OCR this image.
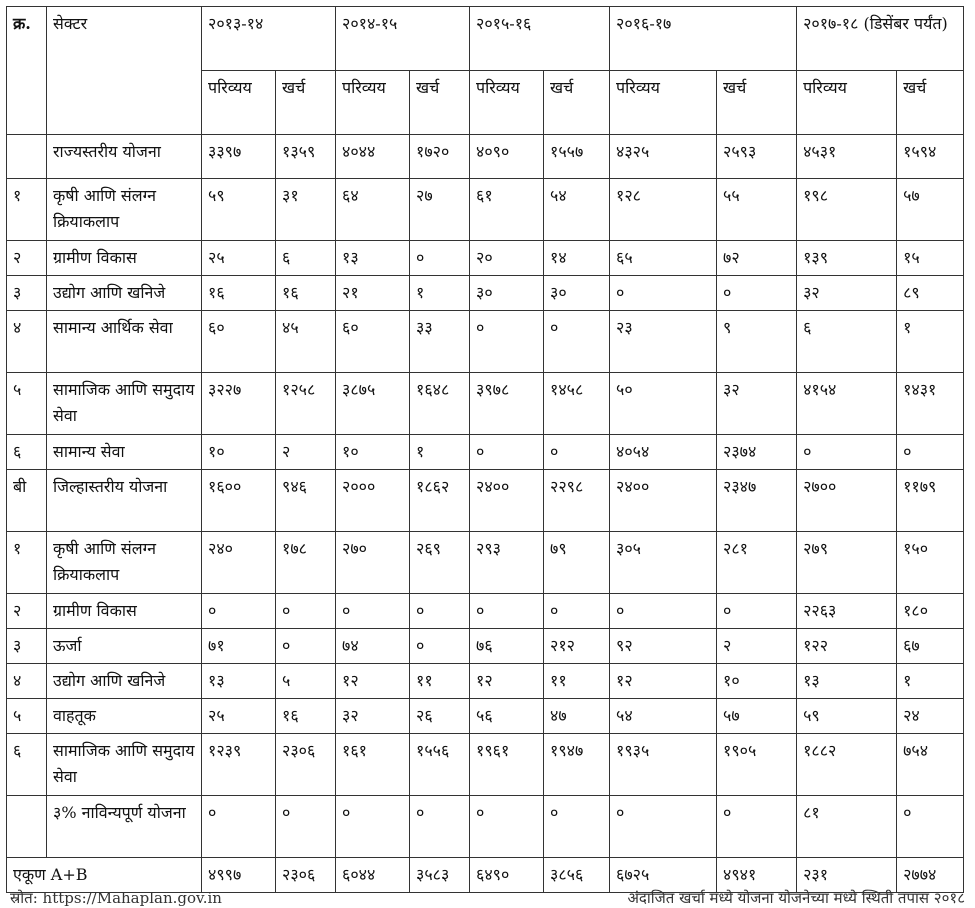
क्र.	सेक्टर	२०१३-१४		२०१४-१५		२०१५-१६		२०१६-१७		२०१७-१८ (डिसेंबर पर्यंत)	
		परिव्यय	खर्च	परिव्यय	खर्च	परिव्यय	खर्च	परिव्यय	खर्च	परिव्यय	खर्च
	राज्यस्तरीय योजना	३३९७	१३५९	४०४४	१७२०	४०९०	१५५७	४३२५	२५९३	४५३१	१५९४
१	कृषी आणि संलग्न क्रियाकलाप	५९	३१	६४	२७	६१	५४	१२८	५५	१९८	५७
२	ग्रामीण विकास	२५	६	१३	०	२०	१४	६५	७२	१३९	१५
३	उद्योग आणि खनिजे	१६	१६	२१	१	३०	३०	०	०	३२	८९
४	सामान्य आर्थिक सेवा	६०	४५	६०	३३	०	०	२३	९	६	१
५	सामाजिक आणि समुदाय सेवा	३२२७	१२५८	३८७५	१६४८	३९७८	१४५८	५०	३२	४१५४	१४३१
६	सामान्य सेवा	१०	२	१०	१	०	०	४०५४	२३७४	०	०
बी	जिल्हास्तरीय योजना	१६००	९४६	२०००	१८६२	२४००	२२९८	२४००	२३४७	२७००	११७९
१	कृषी आणि संलग्न क्रियाकलाप	२४०	१७८	२७०	२६९	२९३	७९	३०५	२८१	२७९	१५०
२	ग्रामीण विकास	०	०	०	०	०	०	०	०	२२६३	१८०
३	ऊर्जा	७१	०	७४	०	७६	२१२	९२	२	१२२	६७
४	उद्योग आणि खनिजे	१३	५	१२	११	१२	११	१२	१०	१३	१
५	वाहतूक	२५	१६	३२	२६	५६	४७	५४	५७	५९	२४
६	सामाजिक आणि समुदाय सेवा	१२३९	२३०६	१६१	१५५६	१९६१	१९४७	१९३५	१९०५	१८८२	७५४
	३% नाविन्यपूर्ण योजना	०	०	०	०	०	०	०	०	८१	०
एकूण A+B		४९९७	२३०६	६०४४	३५८३	६४९०	३८५६	६७२५	४९४१	२३१	२७७४
स्रोत: https://Mahaplan.gov.in	अंदाजित खर्चा मध्ये योजना योजनेच्या मध्ये स्थिती तपास २०१८
